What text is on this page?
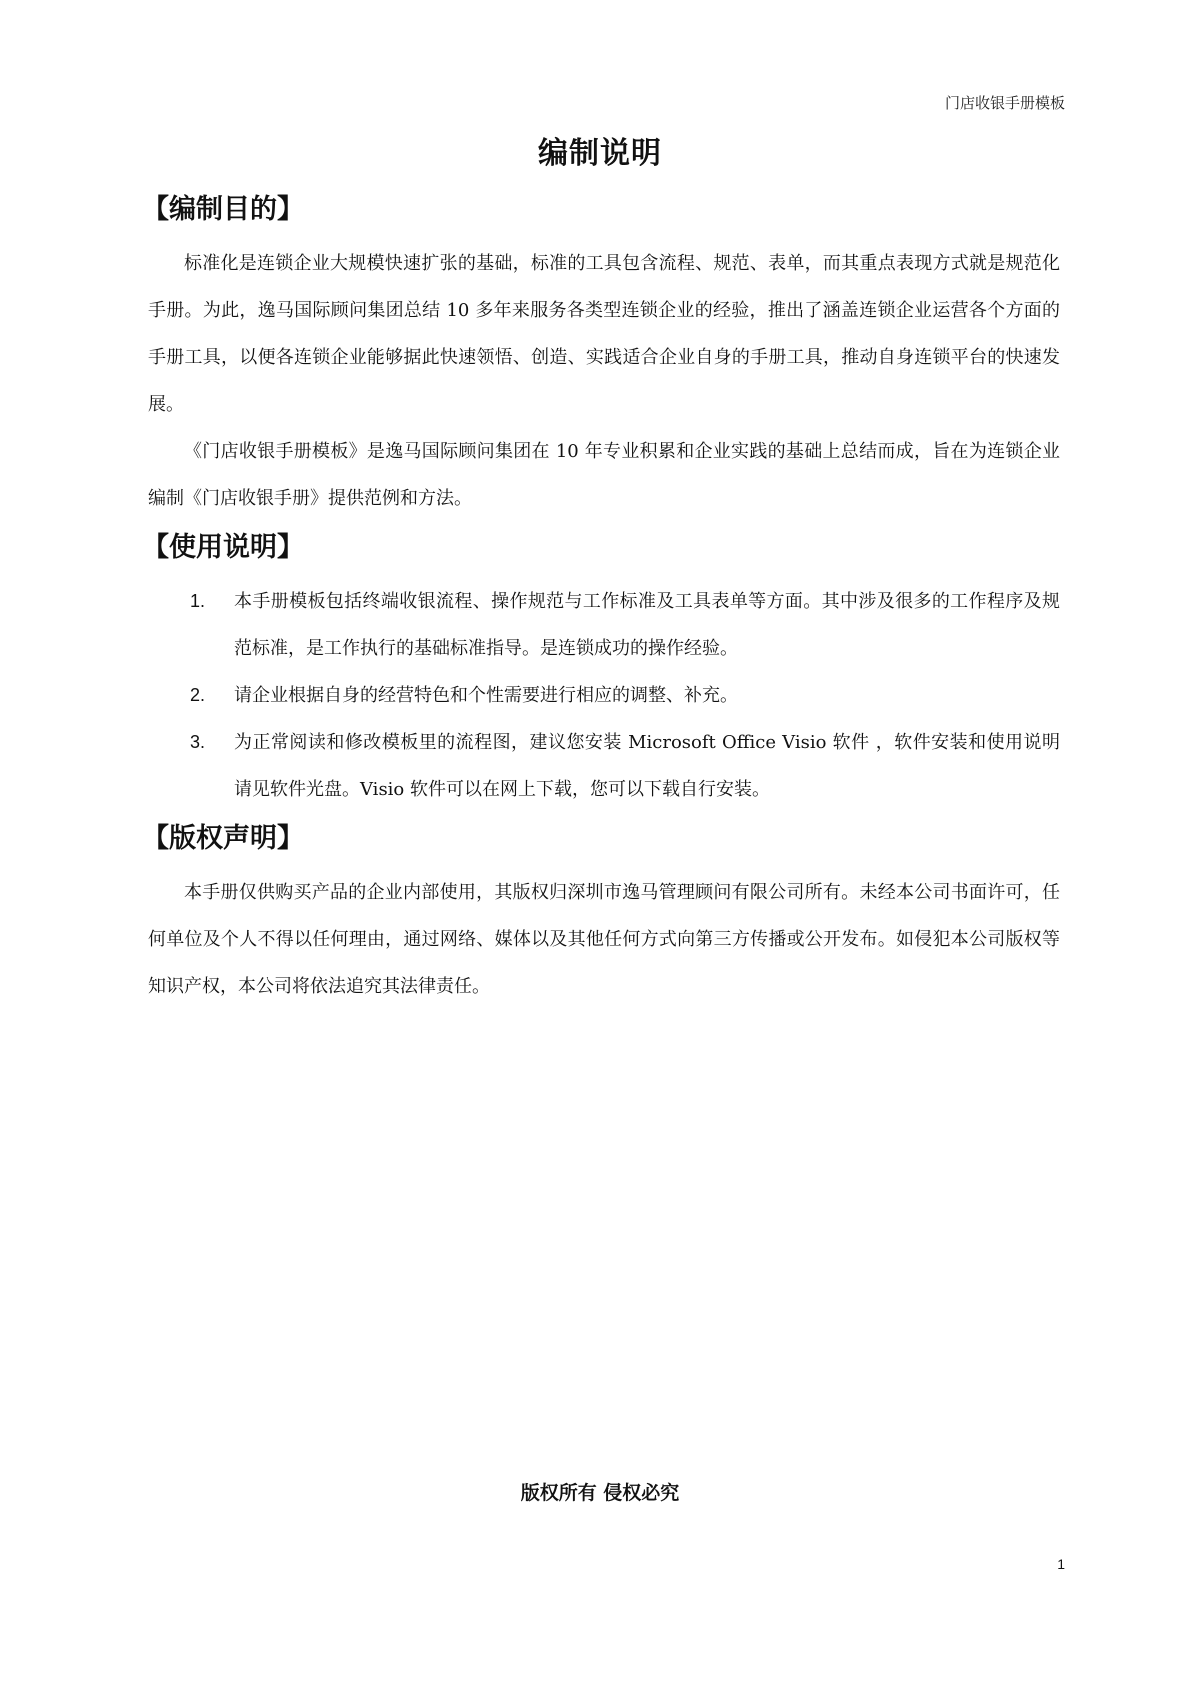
门店收银手册模板
编制说明
【编制目的】

标准化是连锁企业大规模快速扩张的基础，标准的工具包含流程、规范、表单，而其重点表现方式就是规范化手册。为此，逸马国际顾问集团总结 10 多年来服务各类型连锁企业的经验，推出了涵盖连锁企业运营各个方面的手册工具，以便各连锁企业能够据此快速领悟、创造、实践适合企业自身的手册工具，推动自身连锁平台的快速发展。

《门店收银手册模板》是逸马国际顾问集团在 10 年专业积累和企业实践的基础上总结而成，旨在为连锁企业编制《门店收银手册》提供范例和方法。

【使用说明】
1.	本手册模板包括终端收银流程、操作规范与工作标准及工具表单等方面。其中涉及很多的工作程序及规范标准，是工作执行的基础标准指导。是连锁成功的操作经验。
2.	请企业根据自身的经营特色和个性需要进行相应的调整、补充。
3.	为正常阅读和修改模板里的流程图，建议您安装 Microsoft Office Visio 软件 ，软件安装和使用说明请见软件光盘。Visio 软件可以在网上下载，您可以下载自行安装。
【版权声明】

本手册仅供购买产品的企业内部使用，其版权归深圳市逸马管理顾问有限公司所有。未经本公司书面许可，任何单位及个人不得以任何理由，通过网络、媒体以及其他任何方式向第三方传播或公开发布。如侵犯本公司版权等知识产权，本公司将依法追究其法律责任。

版权所有 侵权必究
1
